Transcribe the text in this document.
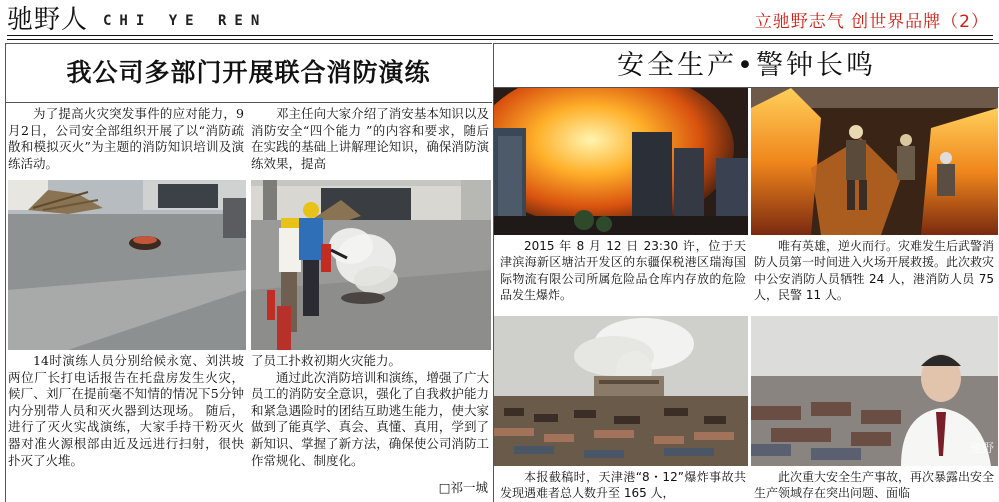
驰野人 CHI YE REN	立驰野志气 创世界品牌（2）
我公司多部门开展联合消防演练

为了提高火灾突发事件的应对能力，9月2日，公司安全部组织开展了以“消防疏散和模拟灭火”为主题的消防知识培训及演练活动。

邓主任向大家介绍了消安基本知识以及消防安全“四个能力 ”的内容和要求，随后在实践的基础上讲解理论知识，确保消防演练效果，提高

14时演练人员分别给候永宽、刘洪坡两位厂长打电话报告在托盘房发生火灾，候厂、刘厂在提前毫不知情的情况下5分钟内分别带人员和灭火器到达现场。 随后，进行了灭火实战演练，大家手持干粉灭火器对准火源根部由近及远进行扫射，很快扑灭了火堆。

了员工扑救初期火灾能力。

通过此次消防培训和演练，增强了广大员工的消防安全意识，强化了自我救护能力和紧急遇险时的团结互助逃生能力，使大家做到了能真学、真会、真懂、真用，学到了新知识、掌握了新方法，确保使公司消防工作常规化、制度化。

□祁一城
安全生产•警钟长鸣

2015 年 8 月 12 日 23:30 许，位于天津滨海新区塘沽开发区的东疆保税港区瑞海国际物流有限公司所属危险品仓库内存放的危险品发生爆炸。

唯有英雄，逆火而行。灾难发生后武警消防人员第一时间进入火场开展救援。此次救灾中公安消防人员牺牲 24 人，港消防人员 75 人，民警 11 人。

驰野

本报截稿时，天津港“8・12”爆炸事故共发现遇难者总人数升至 165 人，

此次重大安全生产事故，再次暴露出安全生产领域存在突出问题、面临
